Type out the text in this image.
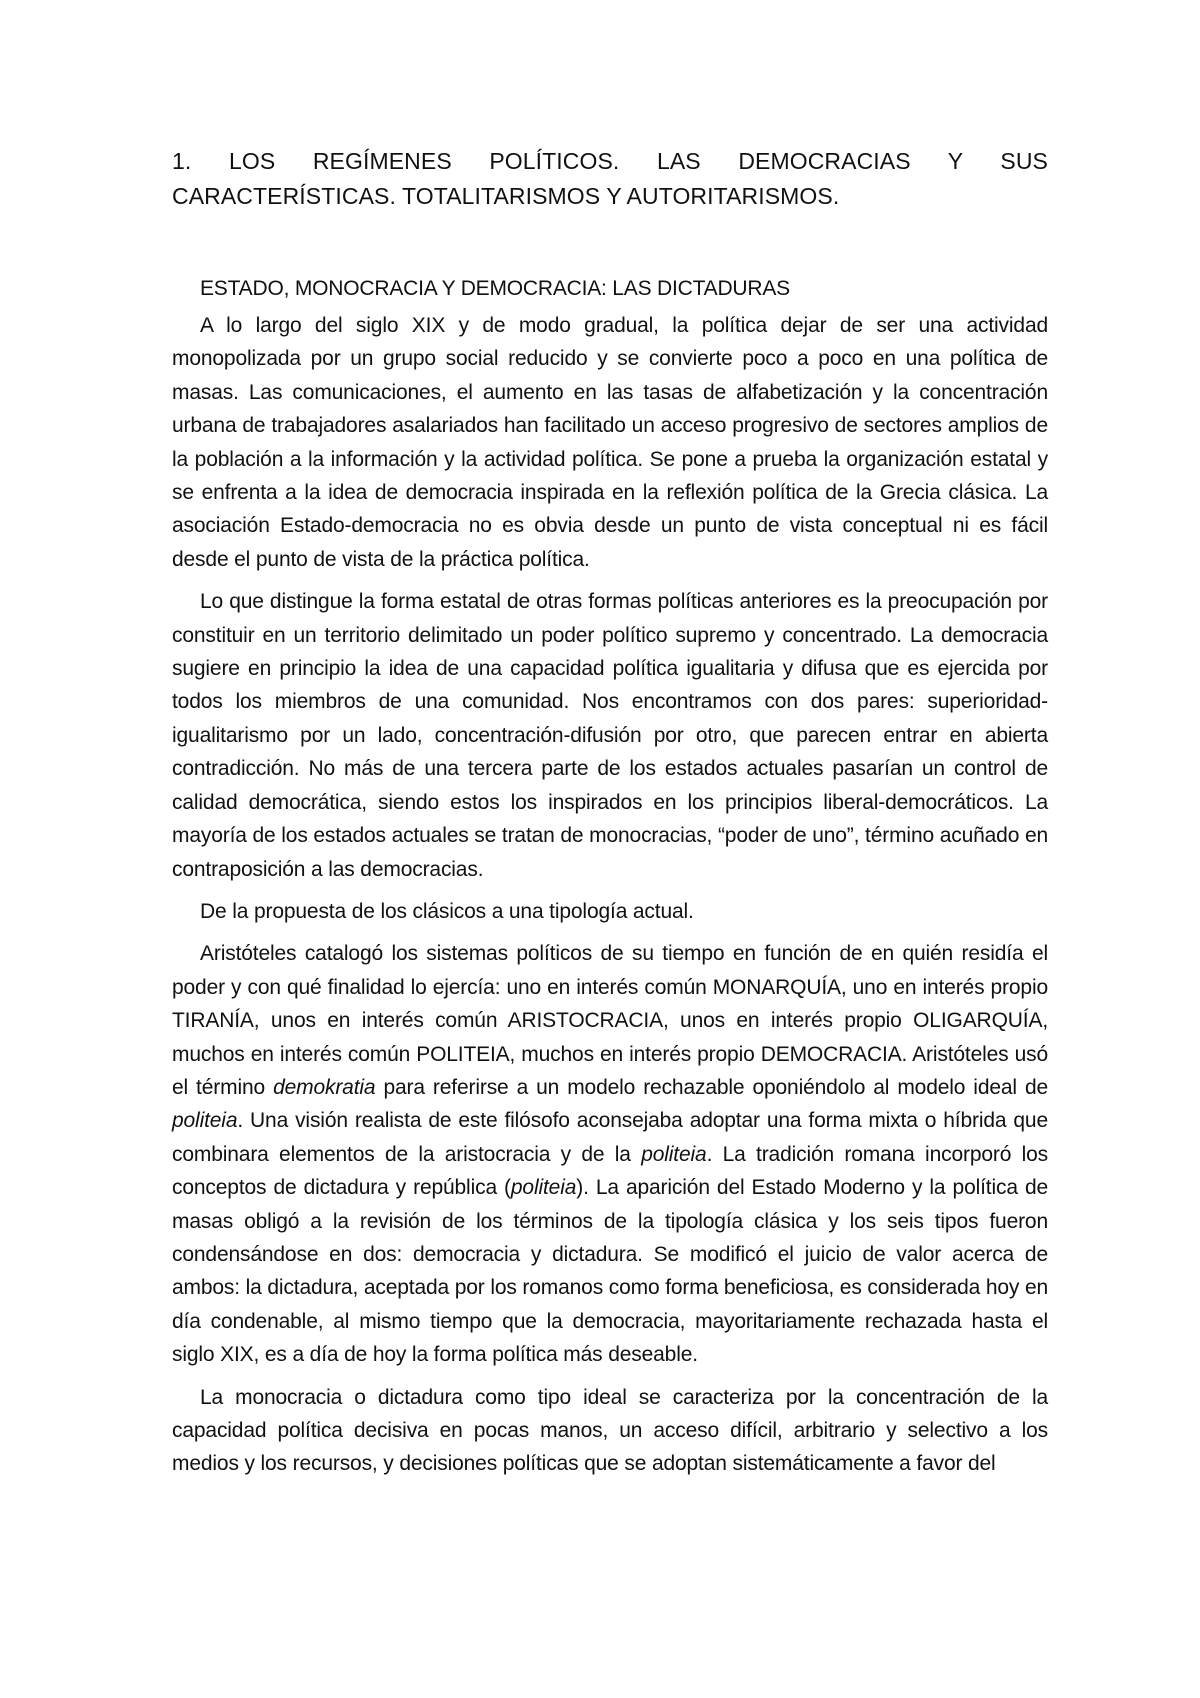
1. LOS REGÍMENES POLÍTICOS. LAS DEMOCRACIAS Y SUS
CARACTERÍSTICAS. TOTALITARISMOS Y AUTORITARISMOS.
ESTADO, MONOCRACIA Y DEMOCRACIA: LAS DICTADURAS

A lo largo del siglo XIX y de modo gradual, la política dejar de ser una actividad monopolizada por un grupo social reducido y se convierte poco a poco en una política de masas. Las comunicaciones, el aumento en las tasas de alfabetización y la concentración urbana de trabajadores asalariados han facilitado un acceso progresivo de sectores amplios de la población a la información y la actividad política. Se pone a prueba la organización estatal y se enfrenta a la idea de democracia inspirada en la reflexión política de la Grecia clásica. La asociación Estado-democracia no es obvia desde un punto de vista conceptual ni es fácil desde el punto de vista de la práctica política.

Lo que distingue la forma estatal de otras formas políticas anteriores es la preocupación por constituir en un territorio delimitado un poder político supremo y concentrado. La democracia sugiere en principio la idea de una capacidad política igualitaria y difusa que es ejercida por todos los miembros de una comunidad. Nos encontramos con dos pares: superioridad-igualitarismo por un lado, concentración-difusión por otro, que parecen entrar en abierta contradicción. No más de una tercera parte de los estados actuales pasarían un control de calidad democrática, siendo estos los inspirados en los principios liberal-democráticos. La mayoría de los estados actuales se tratan de monocracias, “poder de uno”, término acuñado en contraposición a las democracias.

De la propuesta de los clásicos a una tipología actual.

Aristóteles catalogó los sistemas políticos de su tiempo en función de en quién residía el poder y con qué finalidad lo ejercía: uno en interés común MONARQUÍA, uno en interés propio TIRANÍA, unos en interés común ARISTOCRACIA, unos en interés propio OLIGARQUÍA, muchos en interés común POLITEIA, muchos en interés propio DEMOCRACIA. Aristóteles usó el término demokratia para referirse a un modelo rechazable oponiéndolo al modelo ideal de politeia. Una visión realista de este filósofo aconsejaba adoptar una forma mixta o híbrida que combinara elementos de la aristocracia y de la politeia. La tradición romana incorporó los conceptos de dictadura y república (politeia). La aparición del Estado Moderno y la política de masas obligó a la revisión de los términos de la tipología clásica y los seis tipos fueron condensándose en dos: democracia y dictadura. Se modificó el juicio de valor acerca de ambos: la dictadura, aceptada por los romanos como forma beneficiosa, es considerada hoy en día condenable, al mismo tiempo que la democracia, mayoritariamente rechazada hasta el siglo XIX, es a día de hoy la forma política más deseable.

La monocracia o dictadura como tipo ideal se caracteriza por la concentración de la capacidad política decisiva en pocas manos, un acceso difícil, arbitrario y selectivo a los medios y los recursos, y decisiones políticas que se adoptan sistemáticamente a favor del
